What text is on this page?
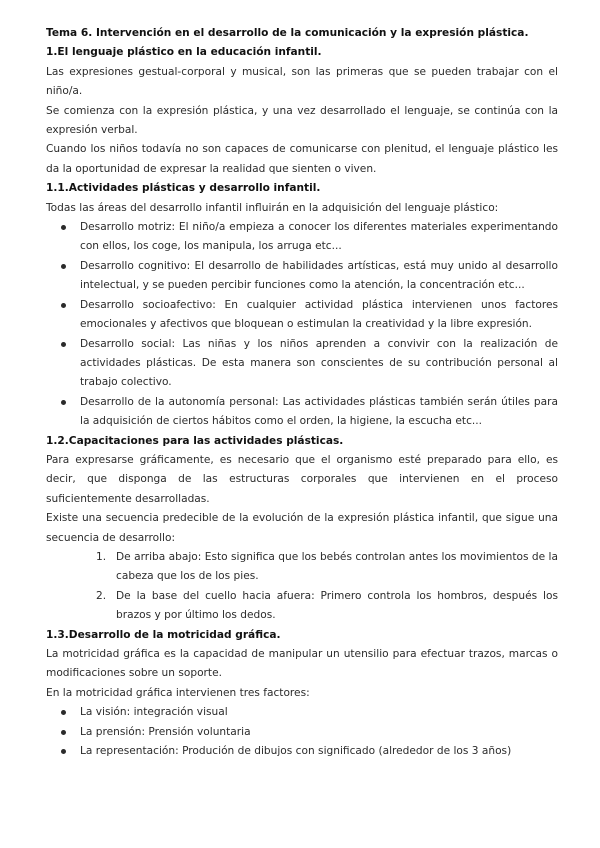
Tema 6. Intervención en el desarrollo de la comunicación y la expresión plástica.

1.El lenguaje plástico en la educación infantil.

Las expresiones gestual-corporal y musical, son las primeras que se pueden trabajar con el niño/a.

Se comienza con la expresión plástica, y una vez desarrollado el lenguaje, se continúa con la expresión verbal.

Cuando los niños todavía no son capaces de comunicarse con plenitud, el lenguaje plástico les da la oportunidad de expresar la realidad que sienten o viven.

1.1.Actividades plásticas y desarrollo infantil.

Todas las áreas del desarrollo infantil influirán en la adquisición del lenguaje plástico:

Desarrollo motriz: El niño/a empieza a conocer los diferentes materiales experimentando con ellos, los coge, los manipula, los arruga etc...
Desarrollo cognitivo: El desarrollo de habilidades artísticas, está muy unido al desarrollo intelectual, y se pueden percibir funciones como la atención, la concentración etc...
Desarrollo socioafectivo: En cualquier actividad plástica intervienen unos factores emocionales y afectivos que bloquean o estimulan la creatividad y la libre expresión.
Desarrollo social: Las niñas y los niños aprenden a convivir con la realización de actividades plásticas. De esta manera son conscientes de su contribución personal al trabajo colectivo.
Desarrollo de la autonomía personal: Las actividades plásticas también serán útiles para la adquisición de ciertos hábitos como el orden, la higiene, la escucha etc...

1.2.Capacitaciones para las actividades plásticas.

Para expresarse gráficamente, es necesario que el organismo esté preparado para ello, es decir, que disponga de las estructuras corporales que intervienen en el proceso suficientemente desarrolladas.

Existe una secuencia predecible de la evolución de la expresión plástica infantil, que sigue una secuencia de desarrollo:

1. De arriba abajo: Esto significa que los bebés controlan antes los movimientos de la cabeza que los de los pies.
2. De la base del cuello hacia afuera: Primero controla los hombros, después los brazos y por último los dedos.

1.3.Desarrollo de la motricidad gráfica.

La motricidad gráfica es la capacidad de manipular un utensilio para efectuar trazos, marcas o modificaciones sobre un soporte.

En la motricidad gráfica intervienen tres factores:

La visión: integración visual
La prensión: Prensión voluntaria
La representación: Produción de dibujos con significado (alrededor de los 3 años)
